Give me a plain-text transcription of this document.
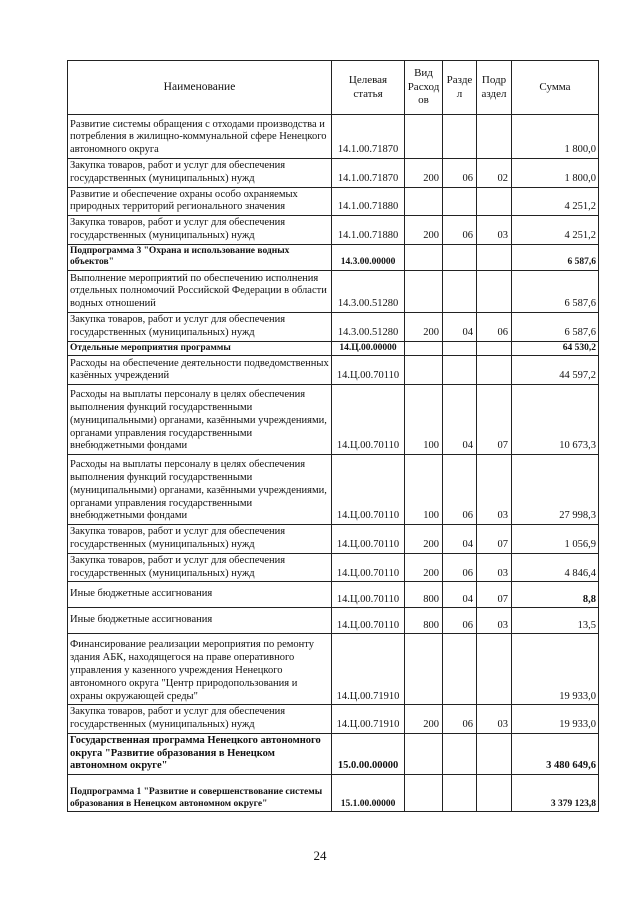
Наименование	Целевая статья	Вид Расход ов	Разде л	Подр аздел	Сумма
Развитие системы обращения с отходами производства и потребления в жилищно-коммунальной сфере Ненецкого автономного округа	14.1.00.71870				1 800,0
Закупка товаров, работ и услуг для обеспечения государственных (муниципальных) нужд	14.1.00.71870	200	06	02	1 800,0
Развитие и обеспечение охраны особо охраняемых природных территорий регионального значения	14.1.00.71880				4 251,2
Закупка товаров, работ и услуг для обеспечения государственных (муниципальных) нужд	14.1.00.71880	200	06	03	4 251,2
Подпрограмма 3 "Охрана и использование водных объектов"	14.3.00.00000				6 587,6
Выполнение мероприятий по обеспечению исполнения отдельных полномочий Российской Федерации в области водных отношений	14.3.00.51280				6 587,6
Закупка товаров, работ и услуг для обеспечения государственных (муниципальных) нужд	14.3.00.51280	200	04	06	6 587,6
Отдельные мероприятия программы	14.Ц.00.00000				64 530,2
Расходы на обеспечение деятельности подведомственных казённых учреждений	14.Ц.00.70110				44 597,2
Расходы на выплаты персоналу в целях обеспечения выполнения функций государственными (муниципальными) органами, казёнными учреждениями, органами управления государственными внебюджетными фондами	14.Ц.00.70110	100	04	07	10 673,3
Расходы на выплаты персоналу в целях обеспечения выполнения функций государственными (муниципальными) органами, казёнными учреждениями, органами управления государственными внебюджетными фондами	14.Ц.00.70110	100	06	03	27 998,3
Закупка товаров, работ и услуг для обеспечения государственных (муниципальных) нужд	14.Ц.00.70110	200	04	07	1 056,9
Закупка товаров, работ и услуг для обеспечения государственных (муниципальных) нужд	14.Ц.00.70110	200	06	03	4 846,4
Иные бюджетные ассигнования	14.Ц.00.70110	800	04	07	8,8
Иные бюджетные ассигнования	14.Ц.00.70110	800	06	03	13,5
Финансирование реализации мероприятия по ремонту здания АБК, находящегося на праве оперативного управления у казенного учреждения Ненецкого автономного округа "Центр природопользования и охраны окружающей среды"	14.Ц.00.71910				19 933,0
Закупка товаров, работ и услуг для обеспечения государственных (муниципальных) нужд	14.Ц.00.71910	200	06	03	19 933,0
Государственная программа Ненецкого автономного округа "Развитие образования в Ненецком автономном округе"	15.0.00.00000				3 480 649,6
Подпрограмма 1 "Развитие и совершенствование системы образования в Ненецком автономном округе"	15.1.00.00000				3 379 123,8
24
